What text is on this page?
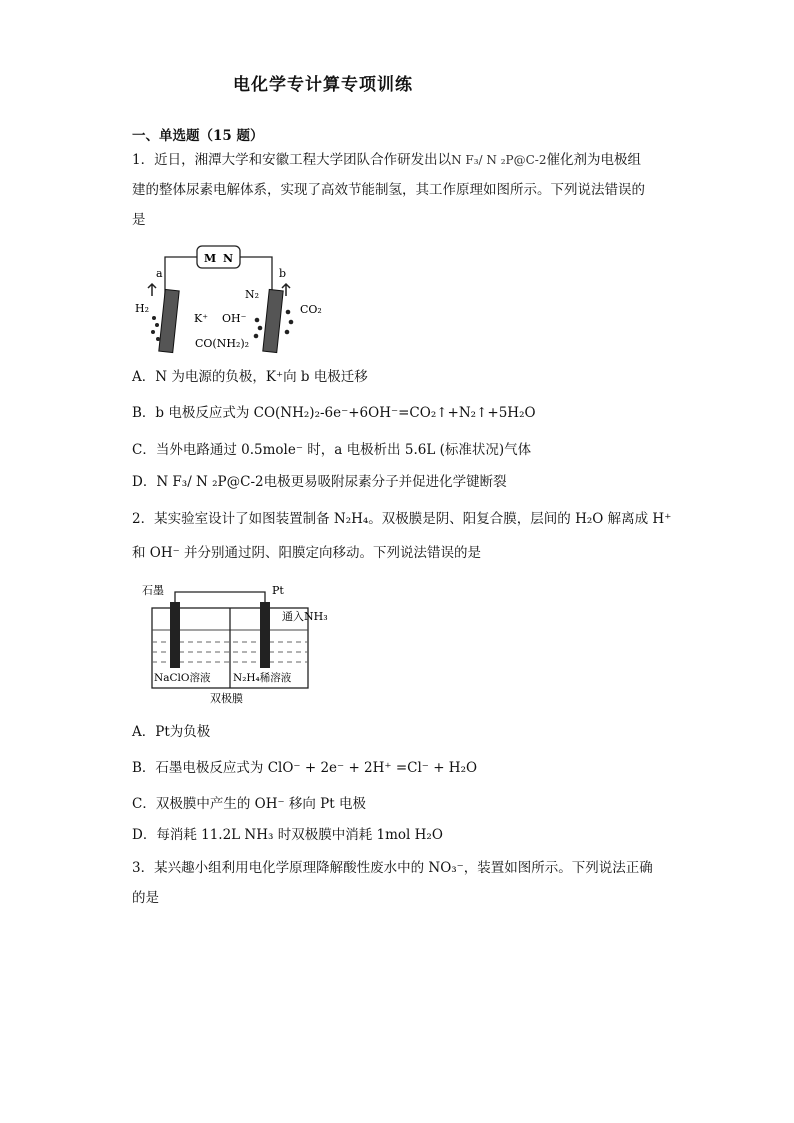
电化学专计算专项训练
一、单选题（15 题）
1．近日，湘潭大学和安徽工程大学团队合作研发出以N F₃/ N ₂P@C-2催化剂为电极组
建的整体尿素电解体系，实现了高效节能制氢，其工作原理如图所示。下列说法错误的
是
M N
a	b
H₂
N₂
CO₂
K⁺ OH⁻
CO(NH₂)₂
A．N 为电源的负极，K⁺向 b 电极迁移
B．b 电极反应式为 CO(NH₂)₂-6e⁻+6OH⁻=CO₂↑+N₂↑+5H₂O
C．当外电路通过 0.5mole⁻ 时，a 电极析出 5.6L (标准状况)气体
D．N F₃/ N ₂P@C-2电极更易吸附尿素分子并促进化学键断裂
2．某实验室设计了如图装置制备 N₂H₄。双极膜是阴、阳复合膜，层间的 H₂O 解离成 H⁺
和 OH⁻ 并分别通过阴、阳膜定向移动。下列说法错误的是
石墨	Pt
通入NH₃
NaClO溶液 N₂H₄稀溶液
双极膜
A．Pt为负极
B．石墨电极反应式为 ClO⁻ + 2e⁻ + 2H⁺ =Cl⁻ + H₂O
C．双极膜中产生的 OH⁻ 移向 Pt 电极
D．每消耗 11.2L NH₃ 时双极膜中消耗 1mol H₂O
3．某兴趣小组利用电化学原理降解酸性废水中的 NO₃⁻，装置如图所示。下列说法正确
的是
